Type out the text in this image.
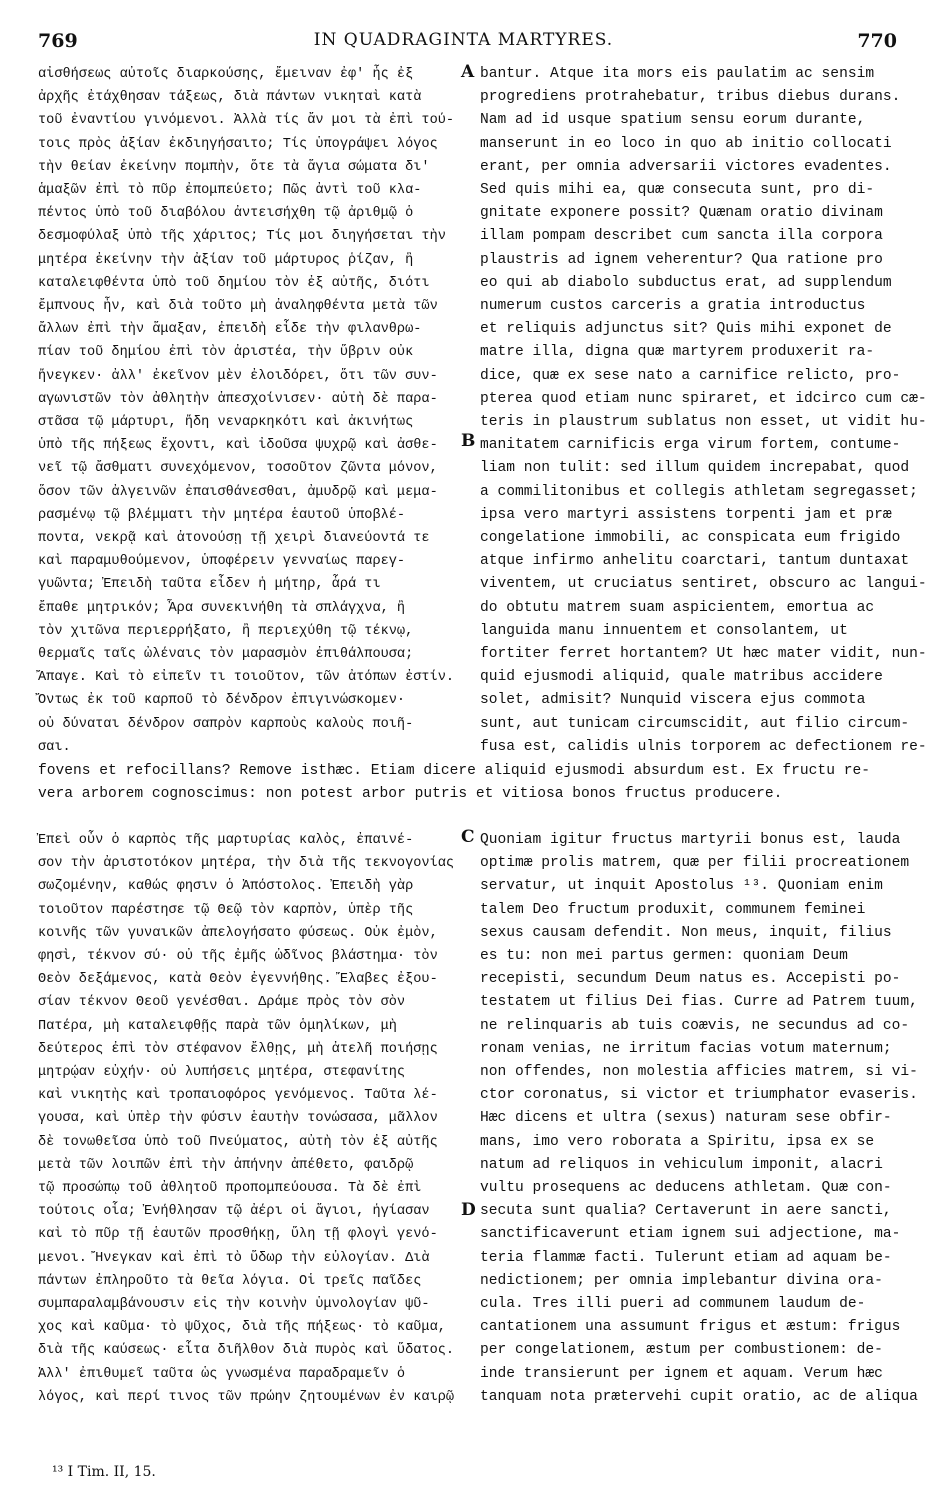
769	IN QUADRAGINTA MARTYRES.	770
αἰσθήσεως αὐτοῖς διαρκούσης, ἔμειναν ἐφ' ἧς ἐξ
ἀρχῆς ἐτάχθησαν τάξεως, διὰ πάντων νικηταὶ κατὰ
τοῦ ἐναντίου γινόμενοι. Ἀλλὰ τίς ἄν μοι τὰ ἐπὶ τού-
τοις πρὸς ἀξίαν ἐκδιηγήσαιτο; Τίς ὑπογράψει λόγος
τὴν θείαν ἐκείνην πομπὴν, ὅτε τὰ ἅγια σώματα δι'
ἁμαξῶν ἐπὶ τὸ πῦρ ἐπομπεύετο; Πῶς ἀντὶ τοῦ κλα-
πέντος ὑπὸ τοῦ διαβόλου ἀντεισήχθη τῷ ἀριθμῷ ὁ
δεσμοφύλαξ ὑπὸ τῆς χάριτος; Τίς μοι διηγήσεται τὴν
μητέρα ἐκείνην τὴν ἀξίαν τοῦ μάρτυρος ῥίζαν, ἣ
καταλειφθέντα ὑπὸ τοῦ δημίου τὸν ἐξ αὐτῆς, διότι
ἔμπνους ἦν, καὶ διὰ τοῦτο μὴ ἀναληφθέντα μετὰ τῶν
ἄλλων ἐπὶ τὴν ἅμαξαν, ἐπειδὴ εἶδε τὴν φιλανθρω-
πίαν τοῦ δημίου ἐπὶ τὸν ἀριστέα, τὴν ὕβριν οὐκ
ἤνεγκεν· ἀλλ' ἐκεῖνον μὲν ἐλοιδόρει, ὅτι τῶν συν-
αγωνιστῶν τὸν ἀθλητὴν ἀπεσχοίνισεν· αὐτὴ δὲ παρα-
στᾶσα τῷ μάρτυρι, ἤδη νεναρκηκότι καὶ ἀκινήτως
ὑπὸ τῆς πήξεως ἔχοντι, καὶ ἰδοῦσα ψυχρῷ καὶ ἀσθε-
νεῖ τῷ ἄσθματι συνεχόμενον, τοσοῦτον ζῶντα μόνον,
ὅσον τῶν ἀλγεινῶν ἐπαισθάνεσθαι, ἀμυδρῷ καὶ μεμα-
ρασμένῳ τῷ βλέμματι τὴν μητέρα ἑαυτοῦ ὑποβλέ-
ποντα, νεκρᾷ καὶ ἀτονούσῃ τῇ χειρὶ διανεύοντά τε
καὶ παραμυθούμενον, ὑποφέρειν γενναίως παρεγ-
γυῶντα; Ἐπειδὴ ταῦτα εἶδεν ἡ μήτηρ, ἆρά τι
ἔπαθε μητρικόν; Ἆρα συνεκινήθη τὰ σπλάγχνα, ἢ
τὸν χιτῶνα περιερρήξατο, ἢ περιεχύθη τῷ τέκνῳ,
θερμαῖς ταῖς ὠλέναις τὸν μαρασμὸν ἐπιθάλπουσα;
Ἄπαγε. Καὶ τὸ εἰπεῖν τι τοιοῦτον, τῶν ἀτόπων ἐστίν.
Ὄντως ἐκ τοῦ καρποῦ τὸ δένδρον ἐπιγινώσκομεν·
οὐ δύναται δένδρον σαπρὸν καρποὺς καλοὺς ποιῆ-
σαι.
bantur. Atque ita mors eis paulatim ac sensim
progrediens protrahebatur, tribus diebus durans.
Nam ad id usque spatium sensu eorum durante,
manserunt in eo loco in quo ab initio collocati
erant, per omnia adversarii victores evadentes.
Sed quis mihi ea, quæ consecuta sunt, pro di-
gnitate exponere possit? Quænam oratio divinam
illam pompam describet cum sancta illa corpora
plaustris ad ignem veherentur? Qua ratione pro
eo qui ab diabolo subductus erat, ad supplendum
numerum custos carceris a gratia introductus
et reliquis adjunctus sit? Quis mihi exponet de
matre illa, digna quæ martyrem produxerit ra-
dice, quæ ex sese nato a carnifice relicto, pro-
pterea quod etiam nunc spiraret, et idcirco cum cæ-
teris in plaustrum sublatus non esset, ut vidit hu-
manitatem carnificis erga virum fortem, contume-
liam non tulit: sed illum quidem increpabat, quod
a commilitonibus et collegis athletam segregasset;
ipsa vero martyri assistens torpenti jam et præ
congelatione immobili, ac conspicata eum frigido
atque infirmo anhelitu coarctari, tantum duntaxat
viventem, ut cruciatus sentiret, obscuro ac langui-
do obtutu matrem suam aspicientem, emortua ac
languida manu innuentem et consolantem, ut
fortiter ferret hortantem? Ut hæc mater vidit, nun-
quid ejusmodi aliquid, quale matribus accidere
solet, admisit? Nunquid viscera ejus commota
sunt, aut tunicam circumscidit, aut filio circum-
fusa est, calidis ulnis torporem ac defectionem re-
fovens et refocillans? Remove isthæc. Etiam dicere aliquid ejusmodi absurdum est. Ex fructu re-
vera arborem cognoscimus: non potest arbor putris et vitiosa bonos fructus producere.
Ἐπεὶ οὖν ὁ καρπὸς τῆς μαρτυρίας καλὸς, ἐπαινέ-
σον τὴν ἀριστοτόκον μητέρα, τὴν διὰ τῆς τεκνογονίας
σωζομένην, καθώς φησιν ὁ Ἀπόστολος. Ἐπειδὴ γὰρ
τοιοῦτον παρέστησε τῷ Θεῷ τὸν καρπὸν, ὑπὲρ τῆς
κοινῆς τῶν γυναικῶν ἀπελογήσατο φύσεως. Οὐκ ἐμὸν,
φησὶ, τέκνον σύ· οὐ τῆς ἐμῆς ὠδῖνος βλάστημα· τὸν
Θεὸν δεξάμενος, κατὰ Θεὸν ἐγεννήθης. Ἔλαβες ἐξου-
σίαν τέκνον Θεοῦ γενέσθαι. Δράμε πρὸς τὸν σὸν
Πατέρα, μὴ καταλειφθῇς παρὰ τῶν ὁμηλίκων, μὴ
δεύτερος ἐπὶ τὸν στέφανον ἔλθῃς, μὴ ἀτελῆ ποιήσῃς
μητρῴαν εὐχήν· οὐ λυπήσεις μητέρα, στεφανίτης
καὶ νικητὴς καὶ τροπαιοφόρος γενόμενος. Ταῦτα λέ-
γουσα, καὶ ὑπὲρ τὴν φύσιν ἑαυτὴν τονώσασα, μᾶλλον
δὲ τονωθεῖσα ὑπὸ τοῦ Πνεύματος, αὐτὴ τὸν ἐξ αὐτῆς
μετὰ τῶν λοιπῶν ἐπὶ τὴν ἀπήνην ἀπέθετο, φαιδρῷ
τῷ προσώπῳ τοῦ ἀθλητοῦ προπομπεύουσα. Τὰ δὲ ἐπὶ
τούτοις οἷα; Ἐνήθλησαν τῷ ἀέρι οἱ ἅγιοι, ἡγίασαν
καὶ τὸ πῦρ τῇ ἑαυτῶν προσθήκῃ, ὕλη τῇ φλογὶ γενό-
μενοι. Ἤνεγκαν καὶ ἐπὶ τὸ ὕδωρ τὴν εὐλογίαν. Διὰ
πάντων ἐπληροῦτο τὰ θεῖα λόγια. Οἱ τρεῖς παῖδες
συμπαραλαμβάνουσιν εἰς τὴν κοινὴν ὑμνολογίαν ψῦ-
χος καὶ καῦμα· τὸ ψῦχος, διὰ τῆς πήξεως· τὸ καῦμα,
διὰ τῆς καύσεως· εἶτα διῆλθον διὰ πυρὸς καὶ ὕδατος.
Ἀλλ' ἐπιθυμεῖ ταῦτα ὡς γνωσμένα παραδραμεῖν ὁ
λόγος, καὶ περί τινος τῶν πρώην ζητουμένων ἐν καιρῷ
Quoniam igitur fructus martyrii bonus est, lauda
optimæ prolis matrem, quæ per filii procreationem
servatur, ut inquit Apostolus ¹³. Quoniam enim
talem Deo fructum produxit, communem feminei
sexus causam defendit. Non meus, inquit, filius
es tu: non mei partus germen: quoniam Deum
recepisti, secundum Deum natus es. Accepisti po-
testatem ut filius Dei fias. Curre ad Patrem tuum,
ne relinquaris ab tuis coævis, ne secundus ad co-
ronam venias, ne irritum facias votum maternum;
non offendes, non molestia afficies matrem, si vi-
ctor coronatus, si victor et triumphator evaseris.
Hæc dicens et ultra (sexus) naturam sese obfir-
mans, imo vero roborata a Spiritu, ipsa ex se
natum ad reliquos in vehiculum imponit, alacri
vultu prosequens ac deducens athletam. Quæ con-
secuta sunt qualia? Certaverunt in aere sancti,
sanctificaverunt etiam ignem sui adjectione, ma-
teria flammæ facti. Tulerunt etiam ad aquam be-
nedictionem; per omnia implebantur divina ora-
cula. Tres illi pueri ad communem laudum de-
cantationem una assumunt frigus et æstum: frigus
per congelationem, æstum per combustionem: de-
inde transierunt per ignem et aquam. Verum hæc
tanquam nota prætervehi cupit oratio, ac de aliqua
A
B
C
D
¹³ I Tim. II, 15.
